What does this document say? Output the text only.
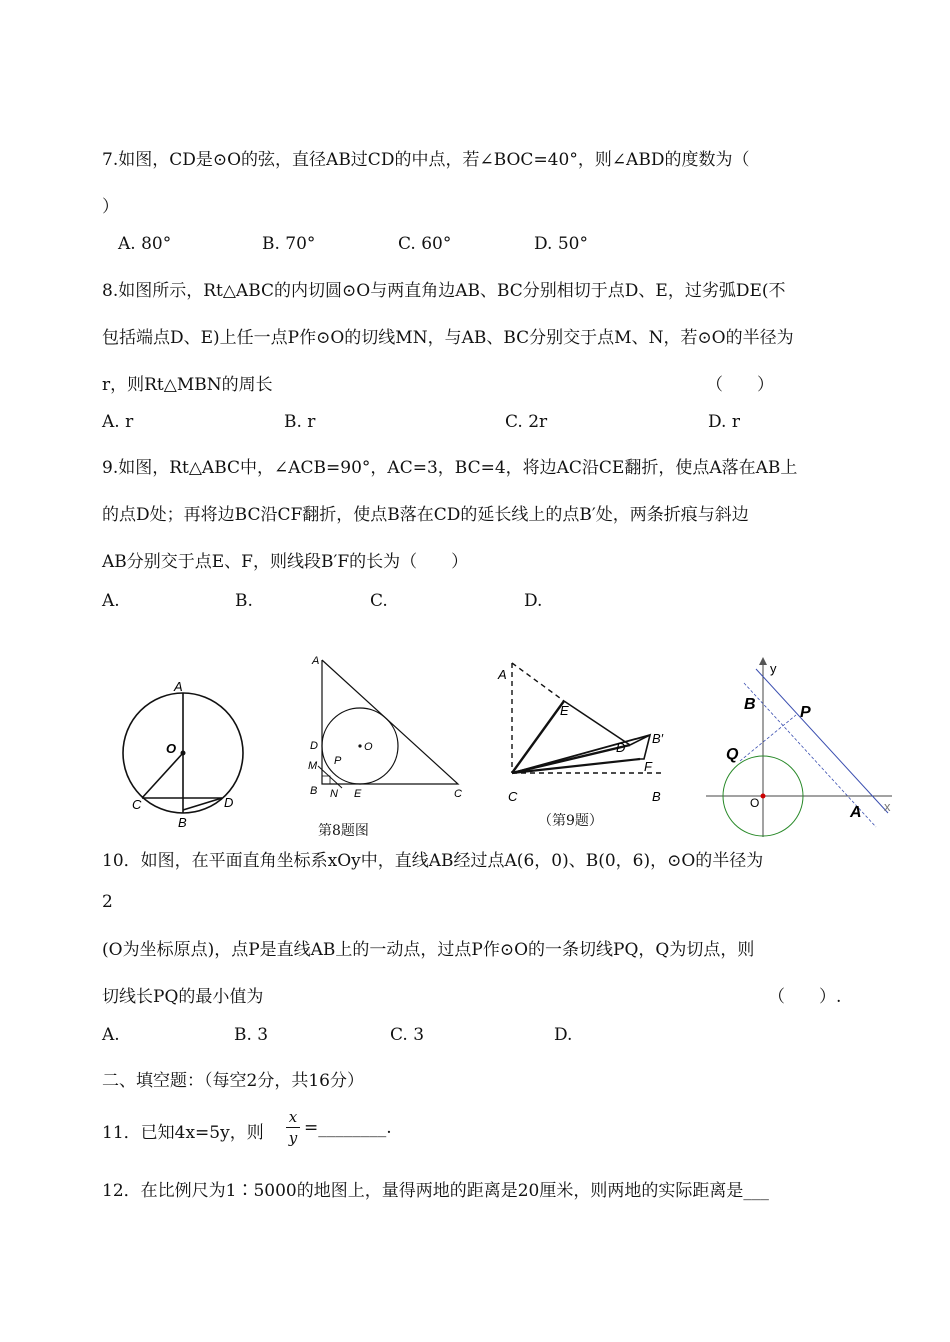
7.如图，CD是⊙O的弦，直径AB过CD的中点，若∠BOC=40°，则∠ABD的度数为（
）
A. 80°	B. 70°	C. 60°	D. 50°
8.如图所示，Rt△ABC的内切圆⊙O与两直角边AB、BC分别相切于点D、E，过劣弧DE(不
包括端点D、E)上任一点P作⊙O的切线MN，与AB、BC分别交于点M、N，若⊙O的半径为
r，则Rt△MBN的周长	（　　）
A. r	B. r	C. 2r	D. r
9.如图，Rt△ABC中，∠ACB=90°，AC=3，BC=4，将边AC沿CE翻折，使点A落在AB上
的点D处；再将边BC沿CF翻折，使点B落在CD的延长线上的点B′处，两条折痕与斜边
AB分别交于点E、F，则线段B′F的长为（　　）
A.	B.	C.	D.
A
O
C	D
B
A
D	O
M P
B N E	C
第8题图
A
E
D
B′
F
C	B
（第9题）
y
x
B	P
Q
O
A
10．如图，在平面直角坐标系xOy中，直线AB经过点A(6，0)、B(0，6)，⊙O的半径为
2
(O为坐标原点)，点P是直线AB上的一动点，过点P作⊙O的一条切线PQ，Q为切点，则
切线长PQ的最小值为	（　　）.
A.	B. 3	C. 3	D.
二、填空题：（每空2分，共16分）
11．已知4x=5y，则
x
y =________.
12．在比例尺为1∶5000的地图上，量得两地的距离是20厘米，则两地的实际距离是___
